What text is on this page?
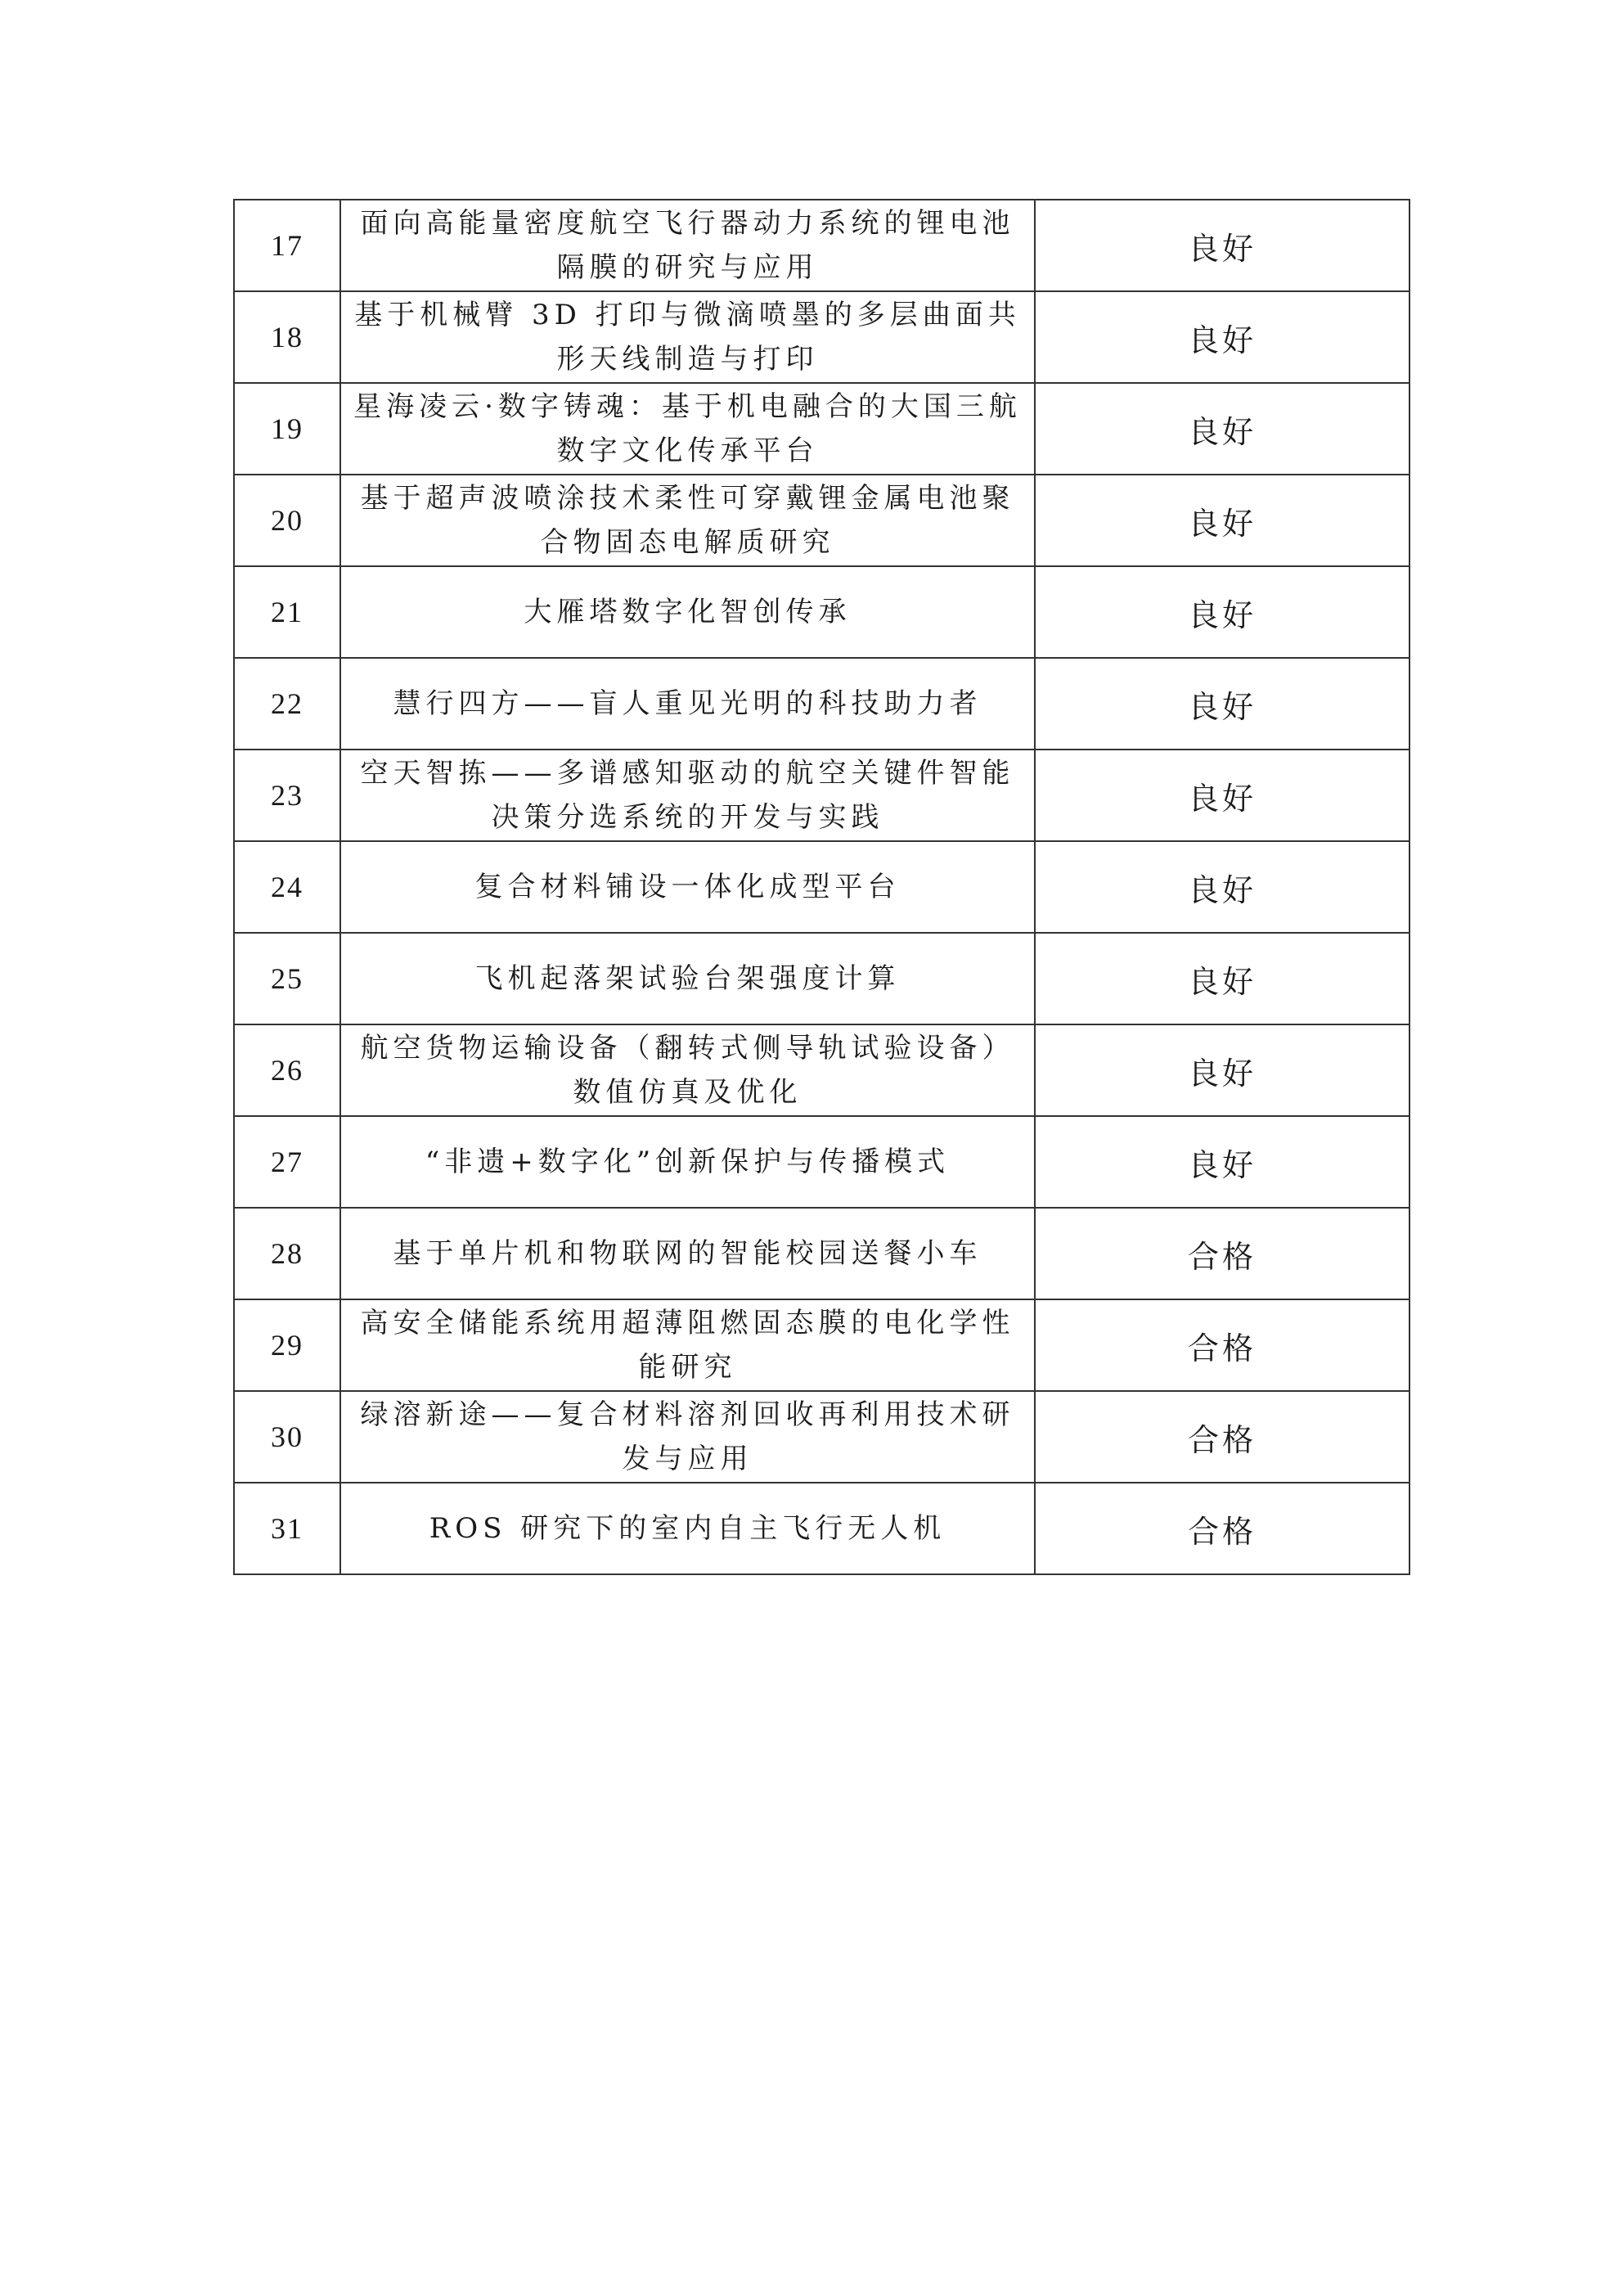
17	面向高能量密度航空飞行器动力系统的锂电池隔膜的研究与应用	良好
18	基于机械臂 3D 打印与微滴喷墨的多层曲面共形天线制造与打印	良好
19	星海凌云·数字铸魂：基于机电融合的大国三航数字文化传承平台	良好
20	基于超声波喷涂技术柔性可穿戴锂金属电池聚合物固态电解质研究	良好
21	大雁塔数字化智创传承	良好
22	慧行四方——盲人重见光明的科技助力者	良好
23	空天智拣——多谱感知驱动的航空关键件智能决策分选系统的开发与实践	良好
24	复合材料铺设一体化成型平台	良好
25	飞机起落架试验台架强度计算	良好
26	航空货物运输设备（翻转式侧导轨试验设备）数值仿真及优化	良好
27	“非遗+数字化”创新保护与传播模式	良好
28	基于单片机和物联网的智能校园送餐小车	合格
29	高安全储能系统用超薄阻燃固态膜的电化学性能研究	合格
30	绿溶新途——复合材料溶剂回收再利用技术研发与应用	合格
31	ROS 研究下的室内自主飞行无人机	合格
